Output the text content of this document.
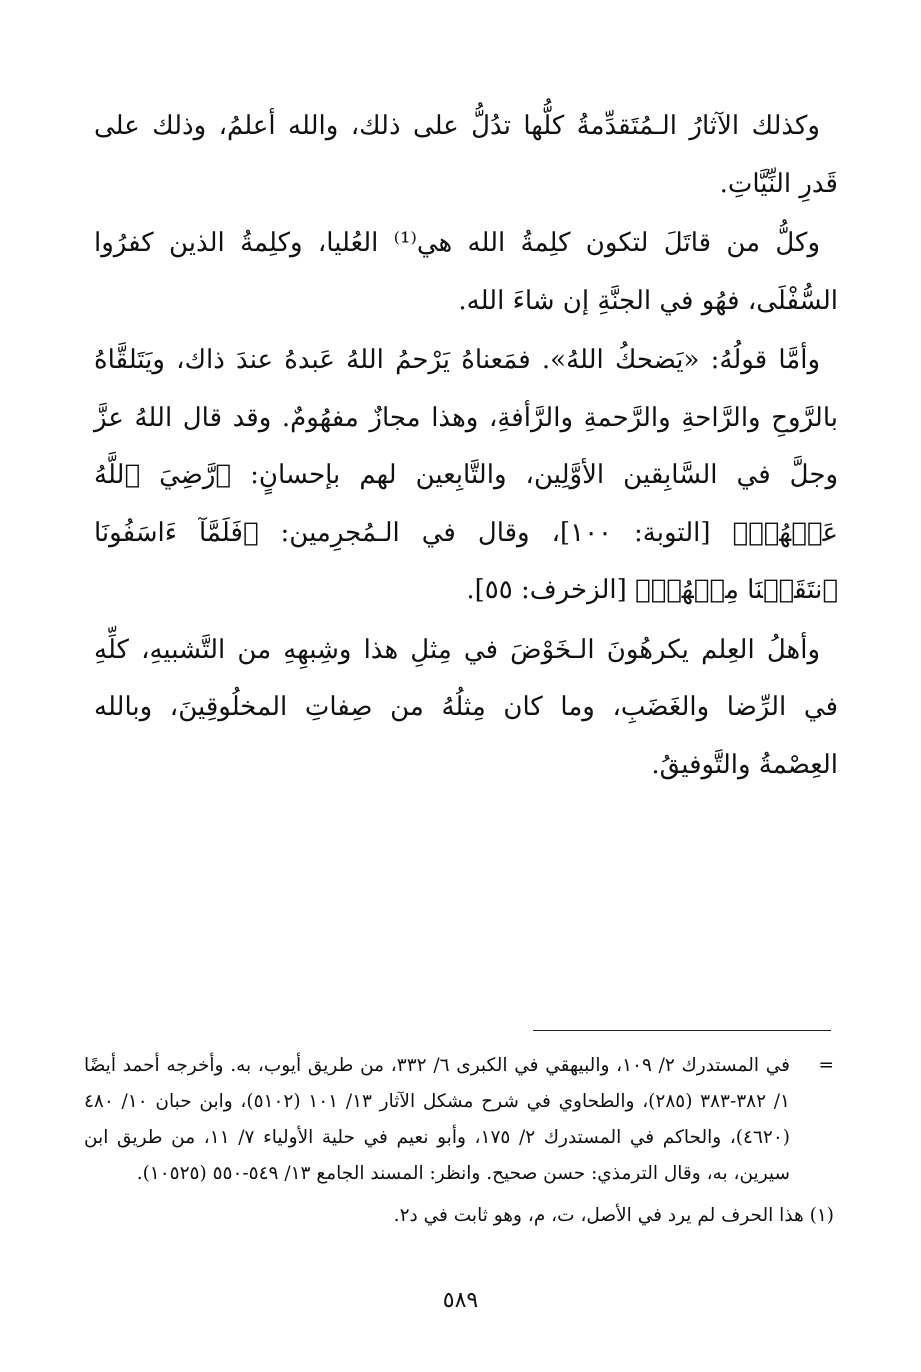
وكذلك الآثارُ الـمُتَقدِّمةُ كلُّها تدُلُّ على ذلك، والله أعلمُ، وذلك على قَدرِ النِّيَّاتِ.

وكلُّ من قاتَلَ لتكون كلِمةُ الله هي⁽¹⁾ العُليا، وكلِمةُ الذين كفرُوا السُّفْلَى، فهُو في الجنَّةِ إن شاءَ الله.

وأمَّا قولُهُ: «يَضحكُ اللهُ». فمَعناهُ يَرْحمُ اللهُ عَبدهُ عندَ ذاك، ويَتَلقَّاهُ بالرَّوحِ والرَّاحةِ والرَّحمةِ والرَّأفةِ، وهذا مجازٌ مفهُومٌ. وقد قال اللهُ عزَّ وجلَّ في السَّابِقين الأوَّلِين، والتَّابِعين لهم بإحسانٍ: ﴿رَّضِيَ ٱللَّهُ عَنۡهُمۡ﴾ [التوبة: ١٠٠]، وقال في الـمُجرِمين: ﴿فَلَمَّآ ءَاسَفُونَا ٱنتَقَمۡنَا مِنۡهُمۡ﴾ [الزخرف: ٥٥].

وأهلُ العِلم يكرهُونَ الـخَوْضَ في مِثلِ هذا وشِبهِهِ من التَّشبيهِ، كلِّهِ في الرِّضا والغَضَبِ، وما كان مِثلُهُ من صِفاتِ المخلُوقِينَ، وبالله العِصْمةُ والتَّوفيقُ.

=
في المستدرك ٢/ ١٠٩، والبيهقي في الكبرى ٦/ ٣٣٢، من طريق أيوب، به. وأخرجه أحمد أيضًا ١/ ٣٨٢-٣٨٣ (٢٨٥)، والطحاوي في شرح مشكل الآثار ١٣/ ١٠١ (٥١٠٢)، وابن حبان ١٠/ ٤٨٠ (٤٦٢٠)، والحاكم في المستدرك ٢/ ١٧٥، وأبو نعيم في حلية الأولياء ٧/ ١١، من طريق ابن سيرين، به، وقال الترمذي: حسن صحيح. وانظر: المسند الجامع ١٣/ ٥٤٩-٥٥٠ (١٠٥٢٥).

(١) هذا الحرف لم يرد في الأصل، ت، م، وهو ثابت في د٢.

٥٨٩
